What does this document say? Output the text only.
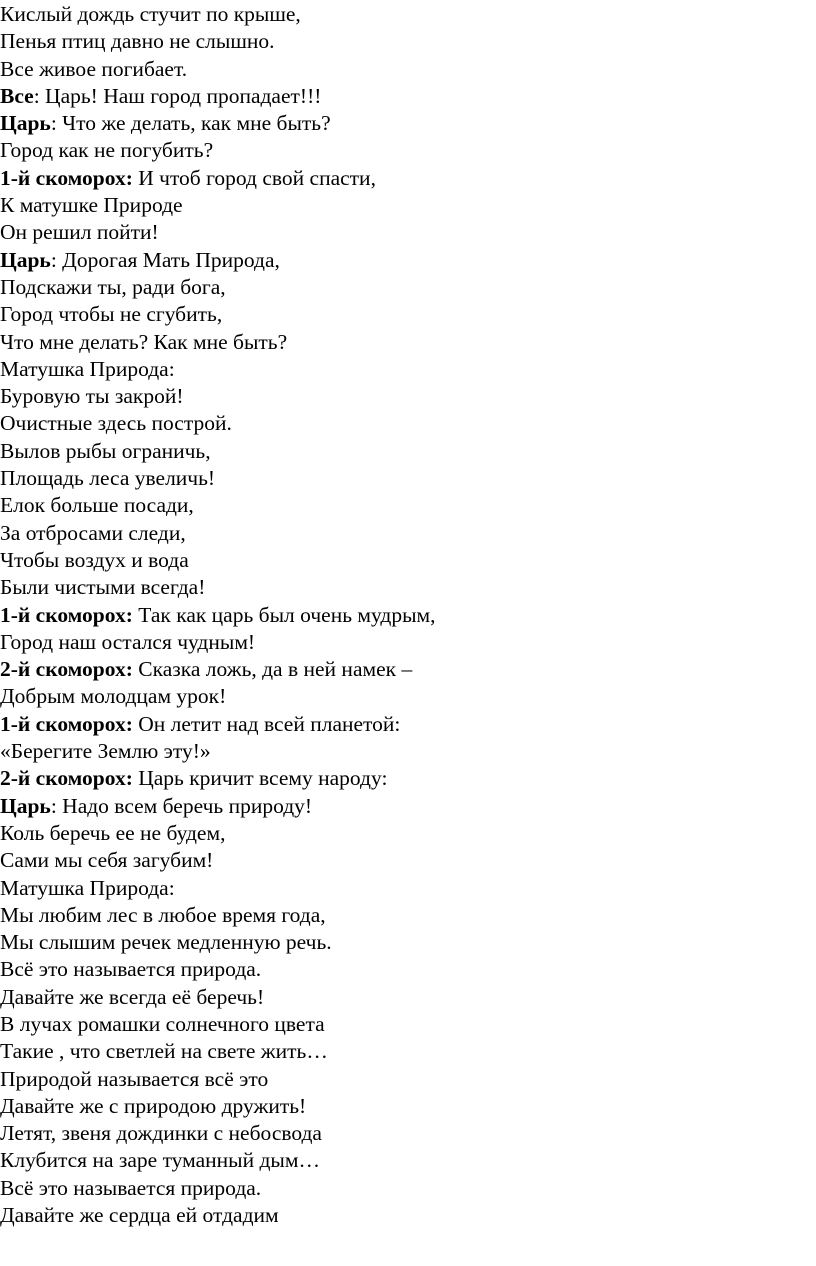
Кислый дождь стучит по крыше,
Пенья птиц давно не слышно.
Все живое погибает.
Все: Царь! Наш город пропадает!!!
Царь: Что же делать, как мне быть?
Город как не погубить?
1-й скоморох: И чтоб город свой спасти,
К матушке Природе
Он решил пойти!
Царь: Дорогая Мать Природа,
Подскажи ты, ради бога,
Город чтобы не сгубить,
Что мне делать? Как мне быть?
Матушка Природа:
Буровую ты закрой!
Очистные здесь построй.
Вылов рыбы ограничь,
Площадь леса увеличь!
Елок больше посади,
За отбросами следи,
Чтобы воздух и вода
Были чистыми всегда!
1-й скоморох: Так как царь был очень мудрым,
Город наш остался чудным!
2-й скоморох: Сказка ложь, да в ней намек –
Добрым молодцам урок!
1-й скоморох: Он летит над всей планетой:
«Берегите Землю эту!»
2-й скоморох: Царь кричит всему народу:
Царь: Надо всем беречь природу!
Коль беречь ее не будем,
Сами мы себя загубим!
Матушка Природа:
Мы любим лес в любое время года,
Мы слышим речек медленную речь.
Всё это называется природа.
Давайте же всегда её беречь!
В лучах ромашки солнечного цвета
Такие , что светлей на свете жить…
Природой называется всё это
Давайте же с природою дружить!
Летят, звеня дождинки с небосвода
Клубится на заре туманный дым…
Всё это называется природа.
Давайте же сердца ей отдадим
